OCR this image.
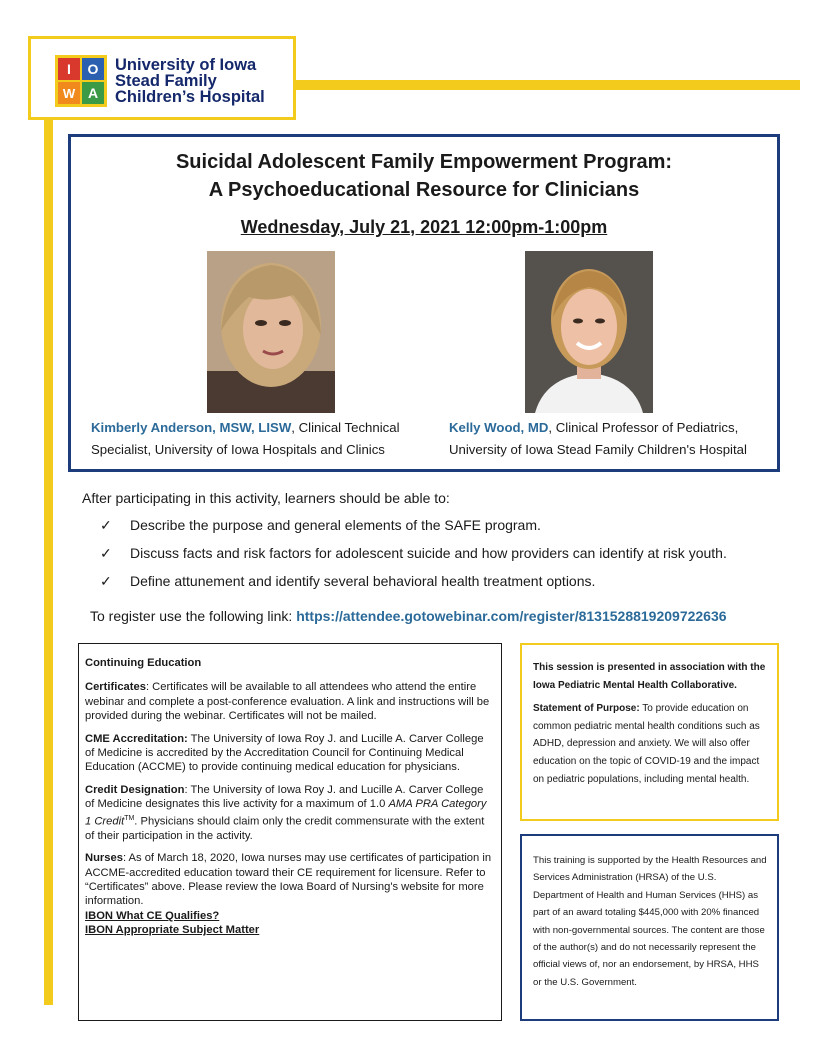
I O
W A
University of Iowa
Stead Family
Children’s Hospital
Suicidal Adolescent Family Empowerment Program:
A Psychoeducational Resource for Clinicians
Wednesday, July 21, 2021 12:00pm-1:00pm
Kimberly Anderson, MSW, LISW, Clinical Technical Specialist, University of Iowa Hospitals and Clinics
Kelly Wood, MD, Clinical Professor of Pediatrics, University of Iowa Stead Family Children's Hospital
After participating in this activity, learners should be able to:
✓ Describe the purpose and general elements of the SAFE program.
✓ Discuss facts and risk factors for adolescent suicide and how providers can identify at risk youth.
✓ Define attunement and identify several behavioral health treatment options.
To register use the following link: https://attendee.gotowebinar.com/register/8131528819209722636

Continuing Education

Certificates: Certificates will be available to all attendees who attend the entire webinar and complete a post-conference evaluation. A link and instructions will be provided during the webinar. Certificates will not be mailed.

CME Accreditation: The University of Iowa Roy J. and Lucille A. Carver College of Medicine is accredited by the Accreditation Council for Continuing Medical Education (ACCME) to provide continuing medical education for physicians.

Credit Designation: The University of Iowa Roy J. and Lucille A. Carver College of Medicine designates this live activity for a maximum of 1.0 AMA PRA Category 1 Credit™. Physicians should claim only the credit commensurate with the extent of their participation in the activity.

Nurses: As of March 18, 2020, Iowa nurses may use certificates of participation in ACCME-accredited education toward their CE requirement for licensure. Refer to “Certificates” above. Please review the Iowa Board of Nursing's website for more information.

IBON What CE Qualifies?
IBON Appropriate Subject Matter

This session is presented in association with the Iowa Pediatric Mental Health Collaborative.

Statement of Purpose: To provide education on common pediatric mental health conditions such as ADHD, depression and anxiety. We will also offer education on the topic of COVID-19 and the impact on pediatric populations, including mental health.

This training is supported by the Health Resources and Services Administration (HRSA) of the U.S. Department of Health and Human Services (HHS) as part of an award totaling $445,000 with 20% financed with non-governmental sources. The content are those of the author(s) and do not necessarily represent the official views of, nor an endorsement, by HRSA, HHS or the U.S. Government.
